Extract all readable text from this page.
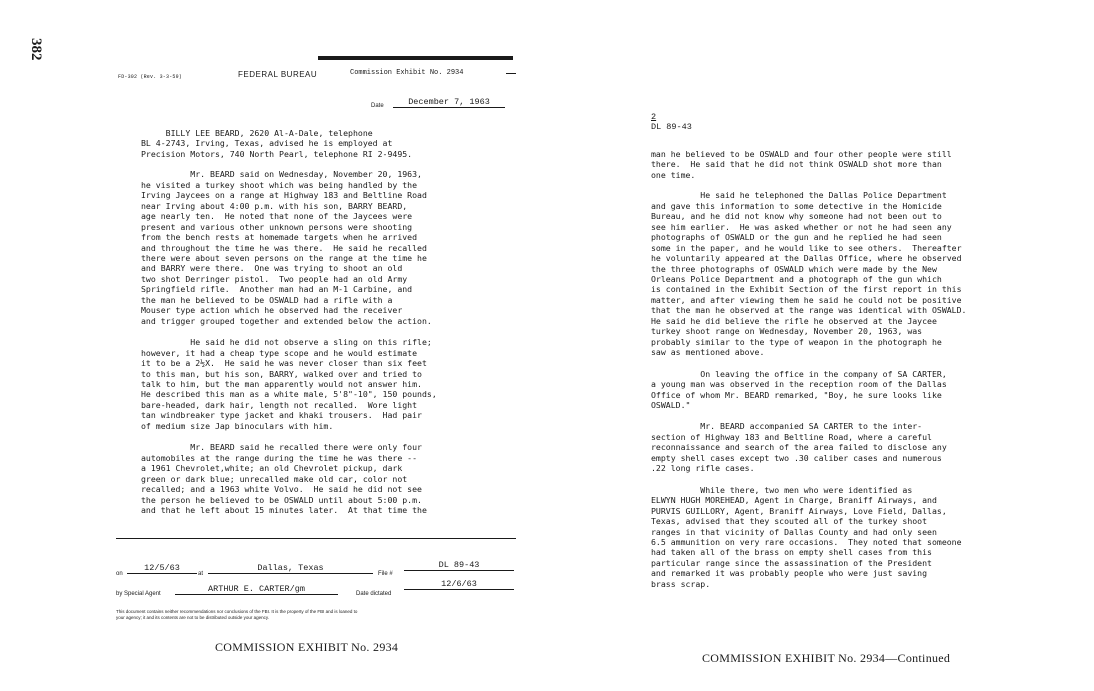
382
FD-302 (Rev. 3-3-59)	FEDERAL BUREAU	Commission Exhibit No. 2934
Date	December 7, 1963
BILLY LEE BEARD, 2620 Al-A-Dale, telephone
BL 4-2743, Irving, Texas, advised he is employed at
Precision Motors, 740 North Pearl, telephone RI 2-9495.
Mr. BEARD said on Wednesday, November 20, 1963,
he visited a turkey shoot which was being handled by the
Irving Jaycees on a range at Highway 183 and Beltline Road
near Irving about 4:00 p.m. with his son, BARRY BEARD,
age nearly ten.  He noted that none of the Jaycees were
present and various other unknown persons were shooting
from the bench rests at homemade targets when he arrived
and throughout the time he was there.  He said he recalled
there were about seven persons on the range at the time he
and BARRY were there.  One was trying to shoot an old
two shot Derringer pistol.  Two people had an old Army
Springfield rifle.  Another man had an M-1 Carbine, and
the man he believed to be OSWALD had a rifle with a
Mouser type action which he observed had the receiver
and trigger grouped together and extended below the action.
He said he did not observe a sling on this rifle;
however, it had a cheap type scope and he would estimate
it to be a 2½X.  He said he was never closer than six feet
to this man, but his son, BARRY, walked over and tried to
talk to him, but the man apparently would not answer him.
He described this man as a white male, 5'8"-10", 150 pounds,
bare-headed, dark hair, length not recalled.  Wore light
tan windbreaker type jacket and khaki trousers.  Had pair
of medium size Jap binoculars with him.
Mr. BEARD said he recalled there were only four
automobiles at the range during the time he was there --
a 1961 Chevrolet,white; an old Chevrolet pickup, dark
green or dark blue; unrecalled make old car, color not
recalled; and a 1963 white Volvo.  He said he did not see
the person he believed to be OSWALD until about 5:00 p.m.
and that he left about 15 minutes later.  At that time the
on
12/5/63
at
Dallas, Texas
File #
DL 89-43
by Special Agent	ARTHUR E. CARTER/gm	Date dictated
12/6/63
This document contains neither recommendations nor conclusions of the FBI. It is the property of the FBI and is loaned to
your agency; it and its contents are not to be distributed outside your agency.
COMMISSION EXHIBIT No. 2934
2
DL 89-43
man he believed to be OSWALD and four other people were still
there.  He said that he did not think OSWALD shot more than
one time.
He said he telephoned the Dallas Police Department
and gave this information to some detective in the Homicide
Bureau, and he did not know why someone had not been out to
see him earlier.  He was asked whether or not he had seen any
photographs of OSWALD or the gun and he replied he had seen
some in the paper, and he would like to see others.  Thereafter
he voluntarily appeared at the Dallas Office, where he observed
the three photographs of OSWALD which were made by the New
Orleans Police Department and a photograph of the gun which
is contained in the Exhibit Section of the first report in this
matter, and after viewing them he said he could not be positive
that the man he observed at the range was identical with OSWALD.
He said he did believe the rifle he observed at the Jaycee
turkey shoot range on Wednesday, November 20, 1963, was
probably similar to the type of weapon in the photograph he
saw as mentioned above.
On leaving the office in the company of SA CARTER,
a young man was observed in the reception room of the Dallas
Office of whom Mr. BEARD remarked, "Boy, he sure looks like
OSWALD."
Mr. BEARD accompanied SA CARTER to the inter-
section of Highway 183 and Beltline Road, where a careful
reconnaissance and search of the area failed to disclose any
empty shell cases except two .30 caliber cases and numerous
.22 long rifle cases.
While there, two men who were identified as
ELWYN HUGH MOREHEAD, Agent in Charge, Braniff Airways, and
PURVIS GUILLORY, Agent, Braniff Airways, Love Field, Dallas,
Texas, advised that they scouted all of the turkey shoot
ranges in that vicinity of Dallas County and had only seen
6.5 ammunition on very rare occasions.  They noted that someone
had taken all of the brass on empty shell cases from this
particular range since the assassination of the President
and remarked it was probably people who were just saving
brass scrap.
COMMISSION EXHIBIT No. 2934—Continued
